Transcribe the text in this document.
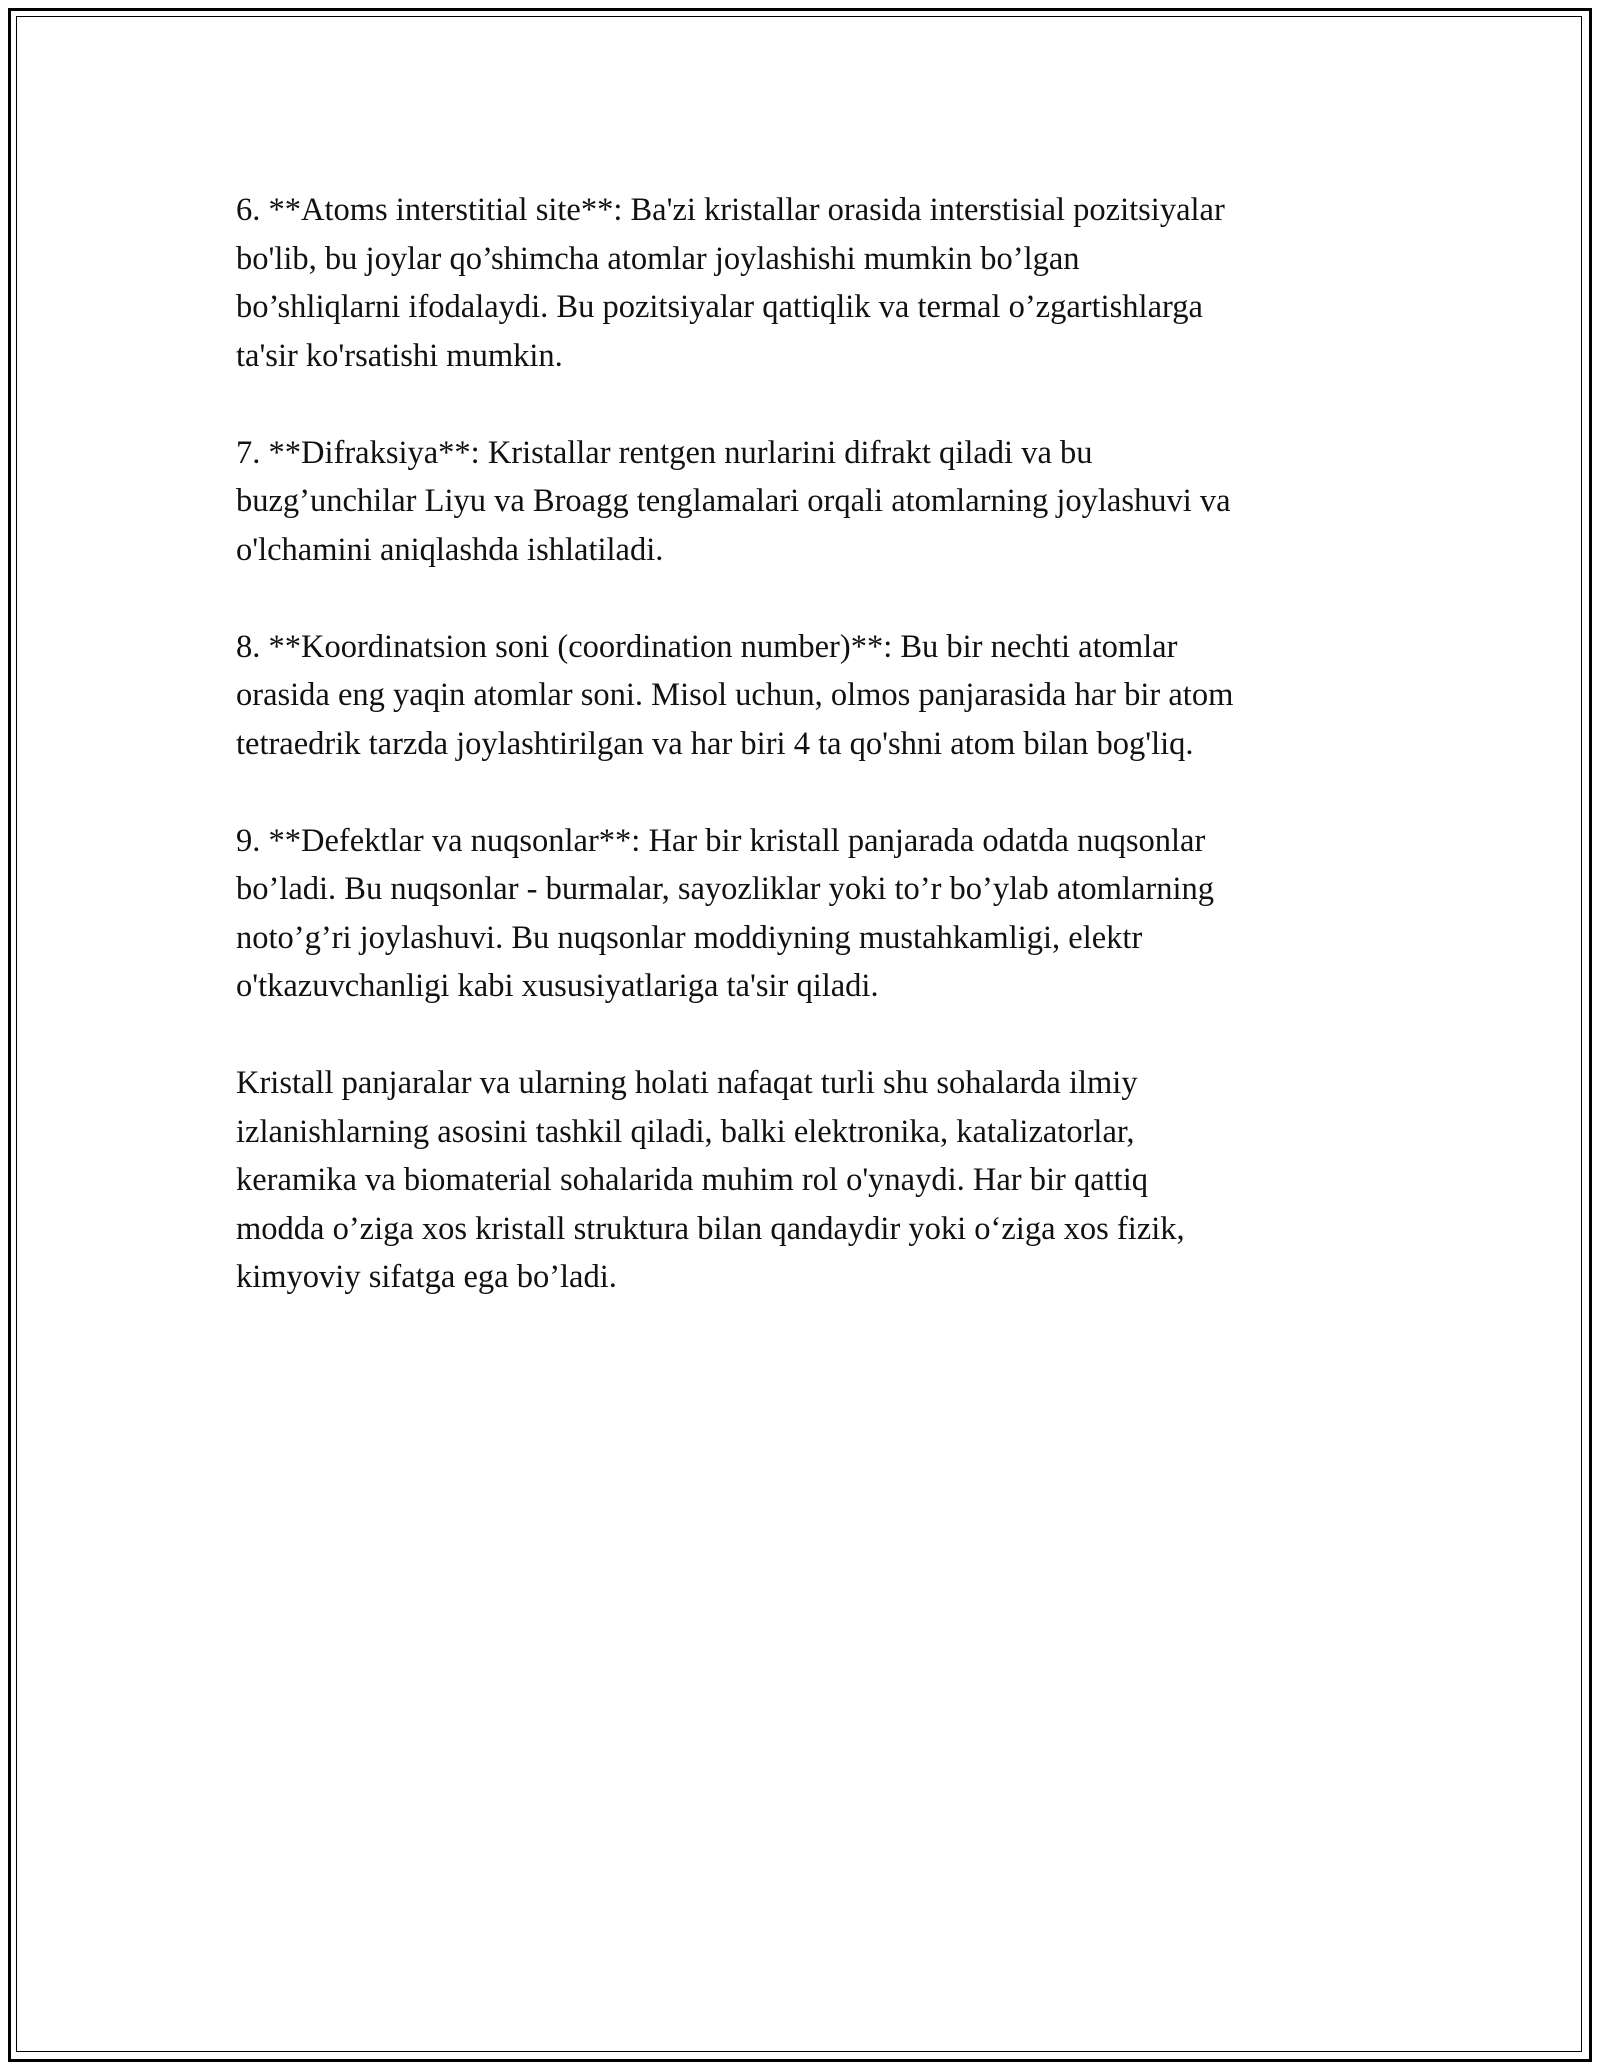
6. **Atoms interstitial site**: Ba'zi kristallar orasida interstisial pozitsiyalar
bo'lib, bu joylar qo’shimcha atomlar joylashishi mumkin bo’lgan
bo’shliqlarni ifodalaydi. Bu pozitsiyalar qattiqlik va termal o’zgartishlarga
ta'sir ko'rsatishi mumkin.

7. **Difraksiya**: Kristallar rentgen nurlarini difrakt qiladi va bu
buzg’unchilar Liyu va Broagg tenglamalari orqali atomlarning joylashuvi va
o'lchamini aniqlashda ishlatiladi.

8. **Koordinatsion soni (coordination number)**: Bu bir nechti atomlar
orasida eng yaqin atomlar soni. Misol uchun, olmos panjarasida har bir atom
tetraedrik tarzda joylashtirilgan va har biri 4 ta qo'shni atom bilan bog'liq.

9. **Defektlar va nuqsonlar**: Har bir kristall panjarada odatda nuqsonlar
bo’ladi. Bu nuqsonlar - burmalar, sayozliklar yoki to’r bo’ylab atomlarning
noto’g’ri joylashuvi. Bu nuqsonlar moddiyning mustahkamligi, elektr
o'tkazuvchanligi kabi xususiyatlariga ta'sir qiladi.

Kristall panjaralar va ularning holati nafaqat turli shu sohalarda ilmiy
izlanishlarning asosini tashkil qiladi, balki elektronika, katalizatorlar,
keramika va biomaterial sohalarida muhim rol o'ynaydi. Har bir qattiq
modda o’ziga xos kristall struktura bilan qandaydir yoki o‘ziga xos fizik,
kimyoviy sifatga ega bo’ladi.
